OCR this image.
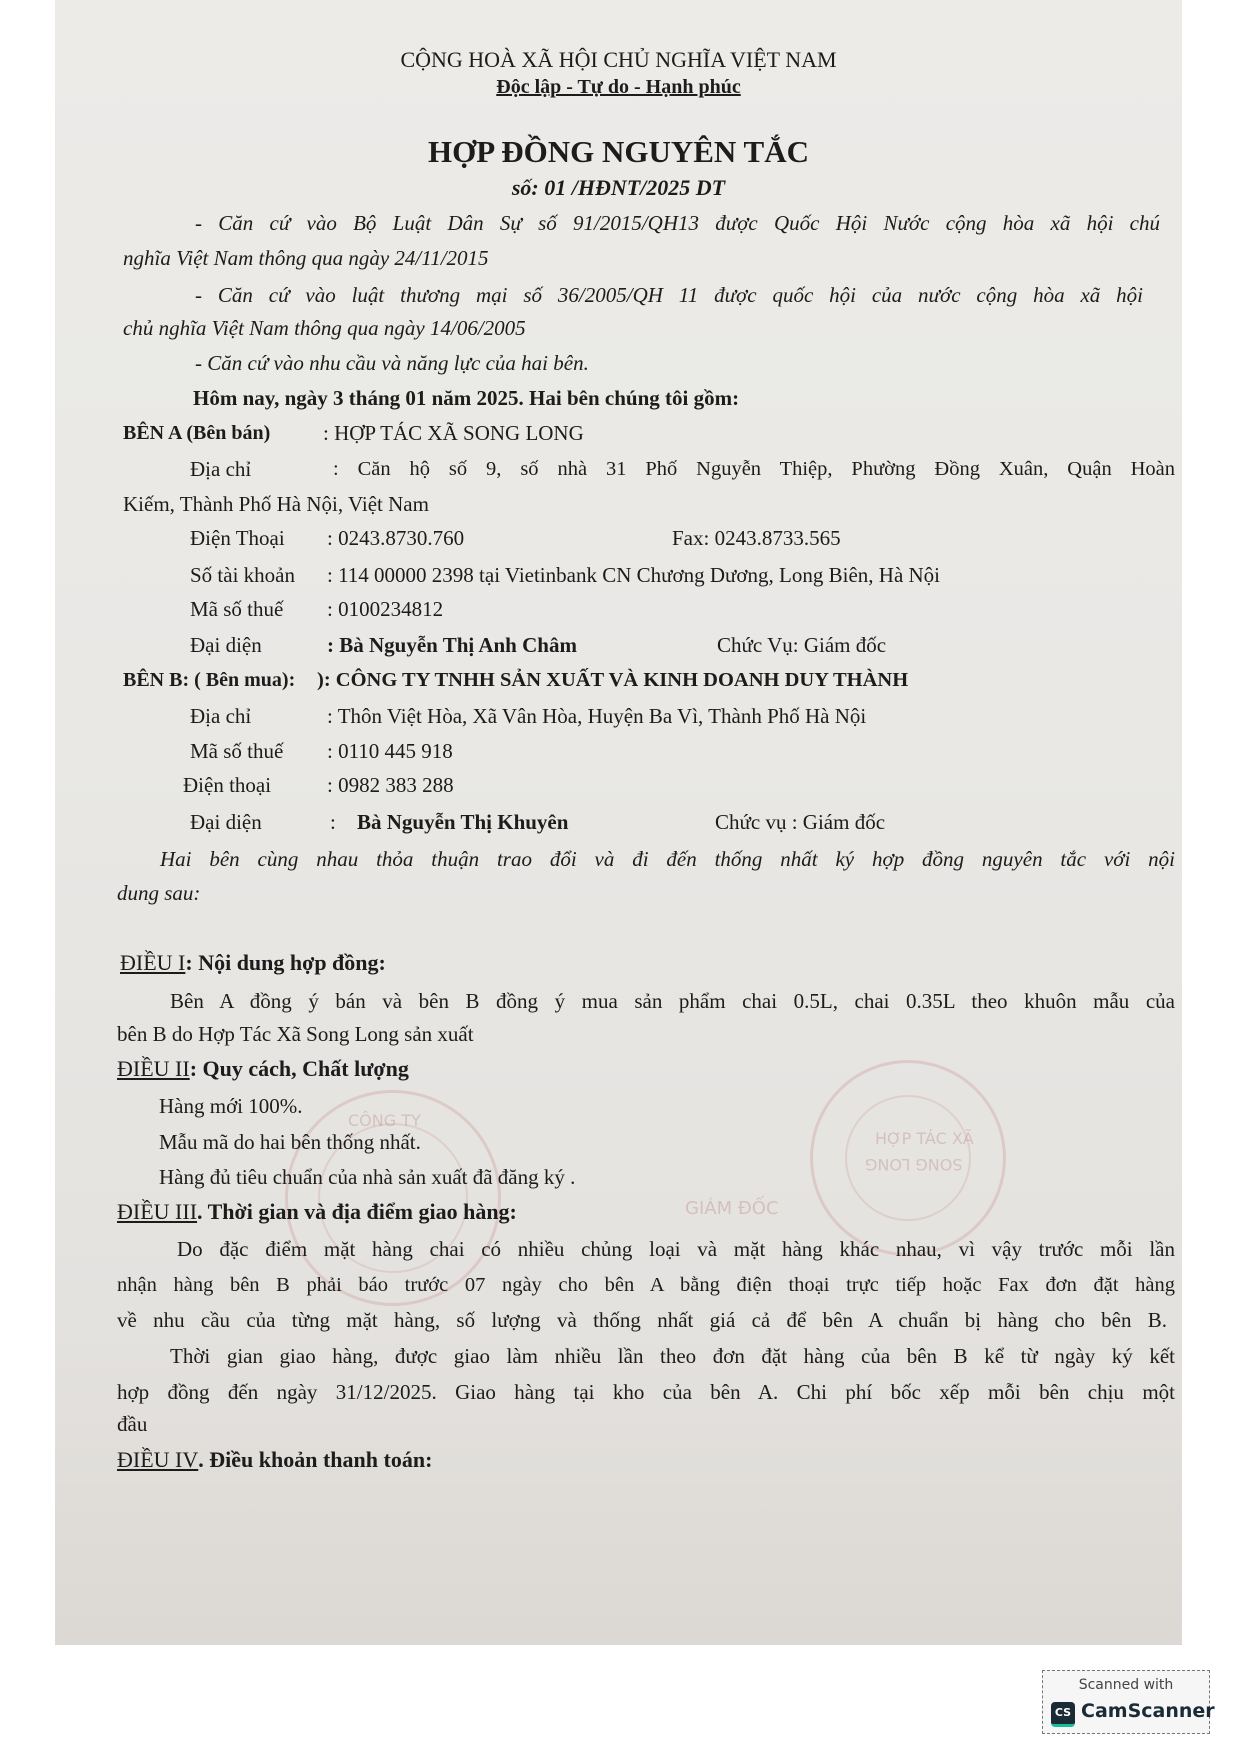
CÔNG TY
HỢP TÁC XÃ
SONG LONG
GIÁM ĐỐC
CỘNG HOÀ XÃ HỘI CHỦ NGHĨA VIỆT NAM
Độc lập - Tự do - Hạnh phúc
HỢP ĐỒNG NGUYÊN TẮC
số: 01 /HĐNT/2025 DT
- Căn cứ vào Bộ Luật Dân Sự số 91/2015/QH13 được Quốc Hội Nước cộng hòa xã hội chú
nghĩa Việt Nam thông qua ngày 24/11/2015
- Căn cứ vào luật thương mại số 36/2005/QH 11 được quốc hội của nước cộng hòa xã hội
chủ nghĩa Việt Nam thông qua ngày 14/06/2005
- Căn cứ vào nhu cầu và năng lực của hai bên.
Hôm nay, ngày 3 tháng 01 năm 2025. Hai bên chúng tôi gồm:
BÊN A (Bên bán)	: HỢP TÁC XÃ SONG LONG
Địa chỉ	: Căn hộ số 9, số nhà 31 Phố Nguyễn Thiệp, Phường Đồng Xuân, Quận Hoàn
Kiếm, Thành Phố Hà Nội, Việt Nam
Điện Thoại : 0243.8730.760	Fax: 0243.8733.565
Số tài khoản : 114 00000 2398 tại Vietinbank CN Chương Dương, Long Biên, Hà Nội
Mã số thuế : 0100234812
Đại diện	: Bà Nguyễn Thị Anh Châm	Chức Vụ: Giám đốc
BÊN B: ( Bên mua): ): CÔNG TY TNHH SẢN XUẤT VÀ KINH DOANH DUY THÀNH
Địa chỉ	: Thôn Việt Hòa, Xã Vân Hòa, Huyện Ba Vì, Thành Phố Hà Nội
Mã số thuế : 0110 445 918
Điện thoại	: 0982 383 288
Đại diện	: Bà Nguyễn Thị Khuyên	Chức vụ : Giám đốc
Hai bên cùng nhau thỏa thuận trao đổi và đi đến thống nhất ký hợp đồng nguyên tắc với nội
dung sau:
ĐIỀU I: Nội dung hợp đồng:
Bên A đồng ý bán và bên B đồng ý mua sản phẩm chai 0.5L, chai 0.35L theo khuôn mẫu của
bên B do Hợp Tác Xã Song Long sản xuất
ĐIỀU II: Quy cách, Chất lượng
Hàng mới 100%.
Mẫu mã do hai bên thống nhất.
Hàng đủ tiêu chuẩn của nhà sản xuất đã đăng ký .
ĐIỀU III. Thời gian và địa điểm giao hàng:
Do đặc điểm mặt hàng chai có nhiều chủng loại và mặt hàng khác nhau, vì vậy trước mỗi lần
nhận hàng bên B phải báo trước 07 ngày cho bên A bằng điện thoại trực tiếp hoặc Fax đơn đặt hàng
về nhu cầu của từng mặt hàng, số lượng và thống nhất giá cả để bên A chuẩn bị hàng cho bên B.
Thời gian giao hàng, được giao làm nhiều lần theo đơn đặt hàng của bên B kể từ ngày ký kết
hợp đồng đến ngày 31/12/2025. Giao hàng tại kho của bên A. Chi phí bốc xếp mỗi bên chịu một
đầu
ĐIỀU IV. Điều khoản thanh toán:
Scanned with
CS CamScanner
